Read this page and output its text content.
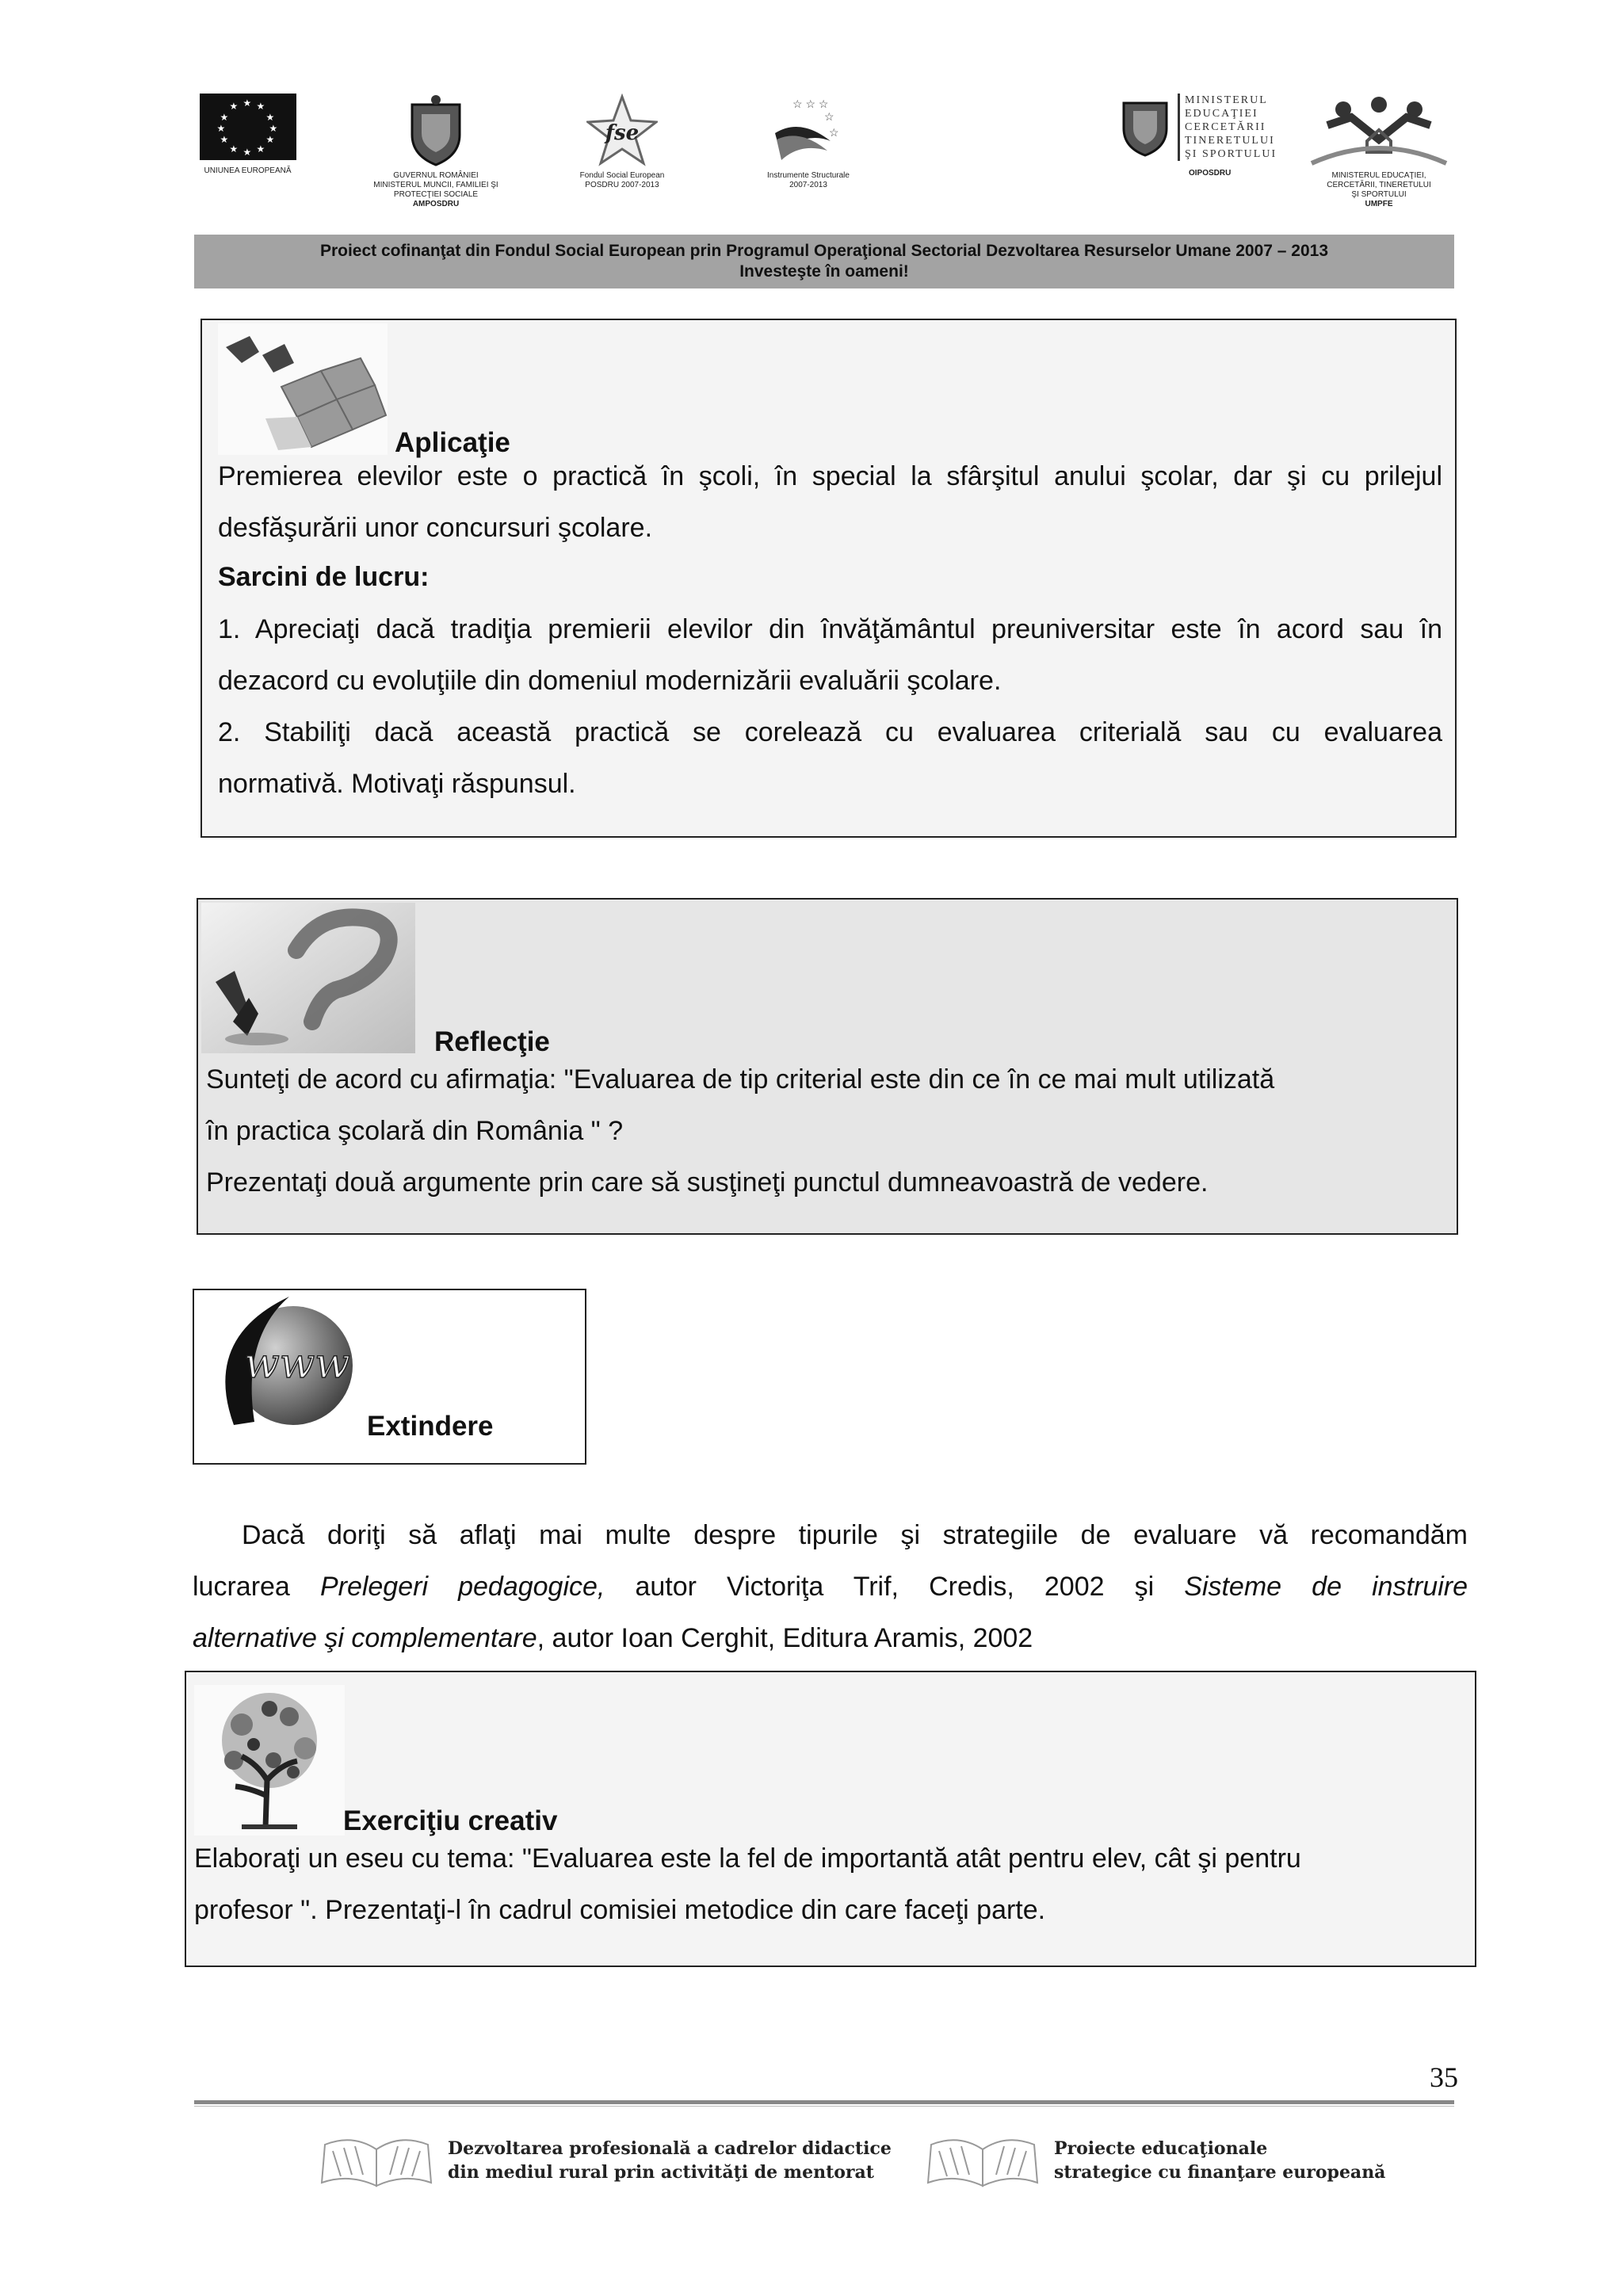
★ ★
★
★
★
★
★
★
★
★
★
★
UNIUNEA EUROPEANĂ
GUVERNUL ROMÂNIEI
MINISTERUL MUNCII, FAMILIEI ŞI
PROTECŢIEI SOCIALE
AMPOSDRU
fse
Fondul Social European
POSDRU 2007-2013
☆ ☆ ☆
☆
☆
Instrumente Structurale
2007-2013
MINISTERUL
EDUCAŢIEI
CERCETĂRII
TINERETULUI
ŞI SPORTULUI
OIPOSDRU	MINISTERUL EDUCAŢIEI,
CERCETĂRII, TINERETULUI
ŞI SPORTULUI
UMPFE
Proiect cofinanţat din Fondul Social European prin Programul Operaţional Sectorial Dezvoltarea Resurselor Umane 2007 – 2013
Investeşte în oameni!
Aplicaţie
Premierea elevilor este o practică în şcoli, în special la sfârşitul anului şcolar, dar şi cu prilejul
desfăşurării unor concursuri şcolare.
Sarcini de lucru:
1. Apreciaţi dacă tradiţia premierii elevilor din învăţământul preuniversitar este în acord sau în
dezacord cu evoluţiile din domeniul modernizării evaluării şcolare.
2. Stabiliţi dacă această practică se corelează cu evaluarea criterială sau cu evaluarea
normativă. Motivaţi răspunsul.
Reflecţie
Sunteţi de acord cu afirmaţia: "Evaluarea de tip criterial este din ce în ce mai mult utilizată
în practica şcolară din România " ?
Prezentaţi două argumente prin care să susţineţi punctul dumneavoastră de vedere.
www
Extindere
Dacă doriţi să aflaţi mai multe despre tipurile şi strategiile de evaluare vă recomandăm
lucrarea Prelegeri pedagogice, autor Victoriţa Trif, Credis, 2002 şi Sisteme de instruire
alternative şi complementare, autor Ioan Cerghit, Editura Aramis, 2002
Exerciţiu creativ
Elaboraţi un eseu cu tema: "Evaluarea este la fel de importantă atât pentru elev, cât şi pentru
profesor ". Prezentaţi-l în cadrul comisiei metodice din care faceţi parte.
35
Dezvoltarea profesională a cadrelor didactice
din mediul rural prin activităţi de mentorat
Proiecte educaţionale
strategice cu finanţare europeană
